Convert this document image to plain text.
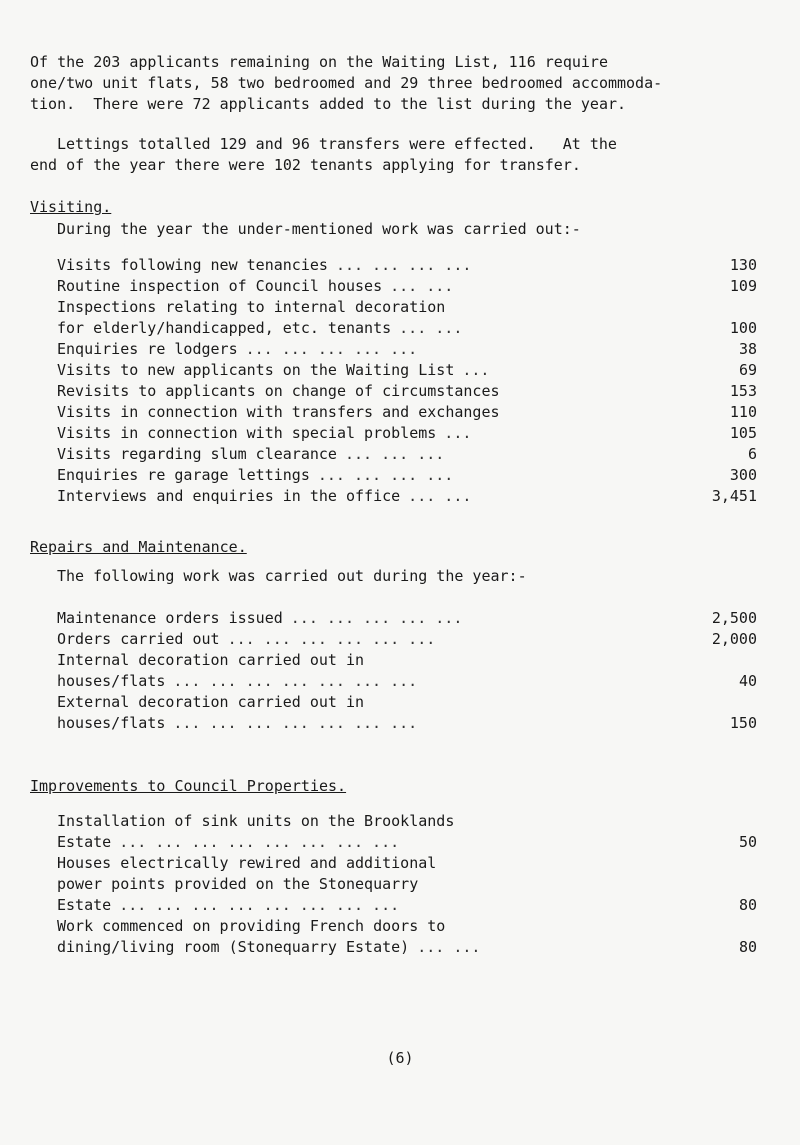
Of the 203 applicants remaining on the Waiting List, 116 require
one/two unit flats, 58 two bedroomed and 29 three bedroomed accommoda-
tion.  There were 72 applicants added to the list during the year.
Lettings totalled 129 and 96 transfers were effected.   At the
end of the year there were 102 tenants applying for transfer.
Visiting.
During the year the under-mentioned work was carried out:-
Visits following new tenancies ... ... ... ...	130
Routine inspection of Council houses ... ...	109
Inspections relating to internal decoration
for elderly/handicapped, etc. tenants ... ...	100
Enquiries re lodgers ... ... ... ... ...	38
Visits to new applicants on the Waiting List ...	69
Revisits to applicants on change of circumstances	153
Visits in connection with transfers and exchanges	110
Visits in connection with special problems ...	105
Visits regarding slum clearance ... ... ...	6
Enquiries re garage lettings ... ... ... ...	300
Interviews and enquiries in the office ... ...	3,451
Repairs and Maintenance.
The following work was carried out during the year:-
Maintenance orders issued ... ... ... ... ...	2,500
Orders carried out ... ... ... ... ... ...	2,000
Internal decoration carried out in
houses/flats ... ... ... ... ... ... ...	40
External decoration carried out in
houses/flats ... ... ... ... ... ... ...	150
Improvements to Council Properties.
Installation of sink units on the Brooklands
Estate ... ... ... ... ... ... ... ...	50
Houses electrically rewired and additional
power points provided on the Stonequarry
Estate ... ... ... ... ... ... ... ...	80
Work commenced on providing French doors to
dining/living room (Stonequarry Estate) ... ...	80
(6)
